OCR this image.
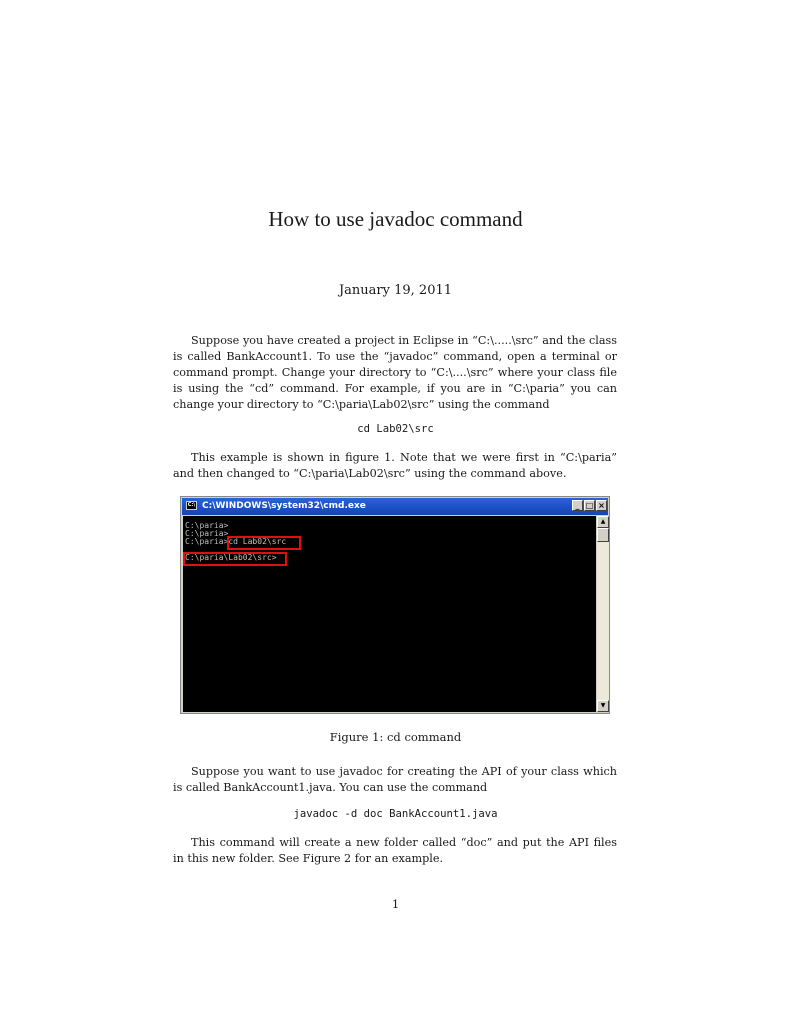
How to use javadoc command
January 19, 2011
Suppose you have created a project in Eclipse in “C:\.....\src” and the class is called BankAccount1. To use the “javadoc” command, open a terminal or command prompt. Change your directory to “C:\....\src” where your class file is using the “cd” command. For example, if you are in “C:\paria” you can change your directory to “C:\paria\Lab02\src” using the command
cd Lab02\src
This example is shown in figure 1. Note that we were first in “C:\paria” and then changed to “C:\paria\Lab02\src” using the command above.
C:\ C:\WINDOWS\system32\cmd.exe	_ □ ×
C:\paria>
C:\paria>
C:\paria>cd Lab02\src
C:\paria\Lab02\src>
▲
▼
Figure 1: cd command
Suppose you want to use javadoc for creating the API of your class which is called BankAccount1.java. You can use the command
javadoc -d doc BankAccount1.java
This command will create a new folder called “doc” and put the API files in this new folder. See Figure 2 for an example.
1
